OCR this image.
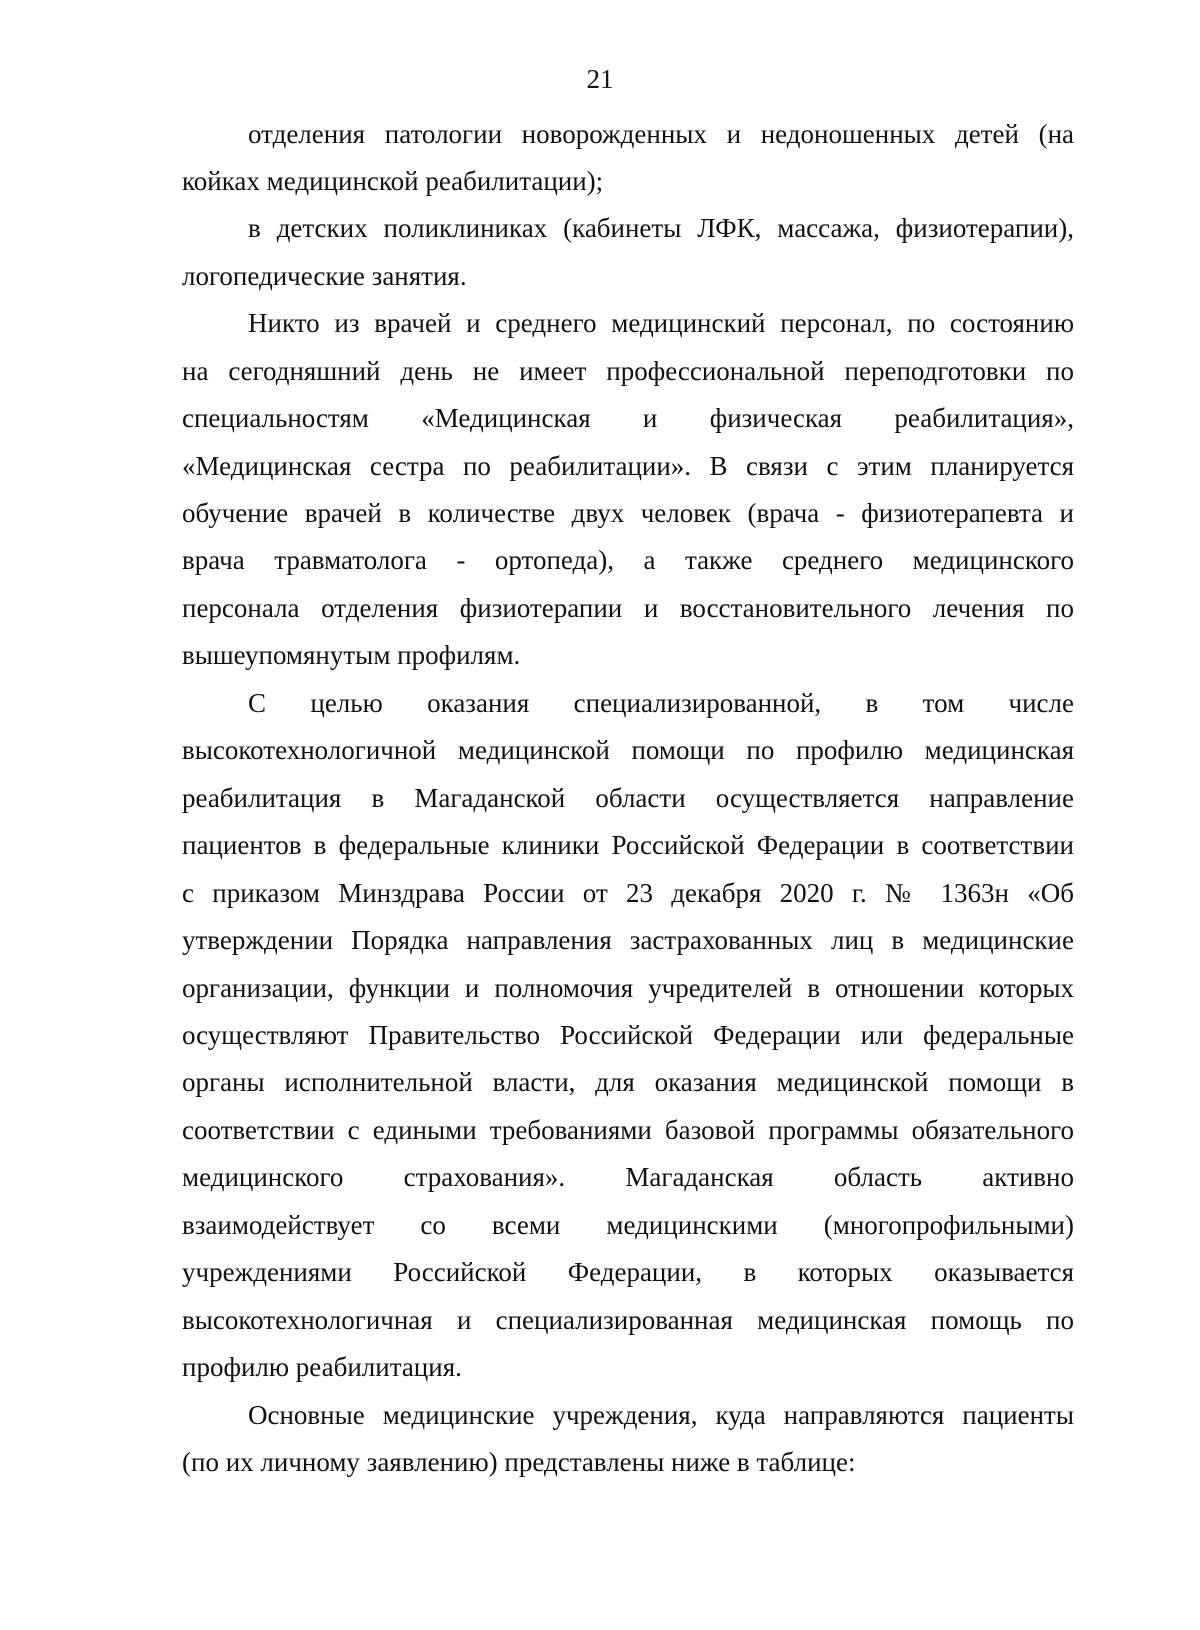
21
отделения патологии новорожденных и недоношенных детей (на
койках медицинской реабилитации);
в детских поликлиниках (кабинеты ЛФК, массажа, физиотерапии),
логопедические занятия.
Никто из врачей и среднего медицинский персонал, по состоянию
на сегодняшний день не имеет профессиональной переподготовки по
специальностям «Медицинская и физическая реабилитация»,
«Медицинская сестра по реабилитации». В связи с этим планируется
обучение врачей в количестве двух человек (врача - физиотерапевта и
врача травматолога - ортопеда), а также среднего медицинского
персонала отделения физиотерапии и восстановительного лечения по
вышеупомянутым профилям.
С целью оказания специализированной, в том числе
высокотехнологичной медицинской помощи по профилю медицинская
реабилитация в Магаданской области осуществляется направление
пациентов в федеральные клиники Российской Федерации в соответствии
с приказом Минздрава России от 23 декабря 2020 г. № 1363н «Об
утверждении Порядка направления застрахованных лиц в медицинские
организации, функции и полномочия учредителей в отношении которых
осуществляют Правительство Российской Федерации или федеральные
органы исполнительной власти, для оказания медицинской помощи в
соответствии с едиными требованиями базовой программы обязательного
медицинского страхования». Магаданская область активно
взаимодействует со всеми медицинскими (многопрофильными)
учреждениями Российской Федерации, в которых оказывается
высокотехнологичная и специализированная медицинская помощь по
профилю реабилитация.
Основные медицинские учреждения, куда направляются пациенты
(по их личному заявлению) представлены ниже в таблице:
